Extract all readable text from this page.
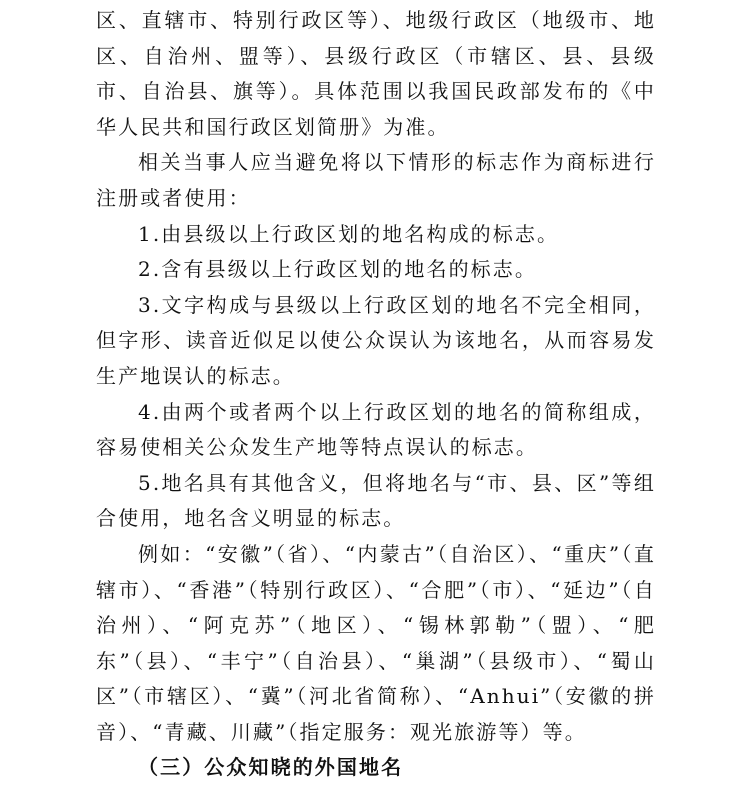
区、直辖市、特别行政区等）、地级行政区（地级市、地区、自治州、盟等）、县级行政区（市辖区、县、县级市、自治县、旗等）。具体范围以我国民政部发布的《中华人民共和国行政区划简册》为准。

相关当事人应当避免将以下情形的标志作为商标进行注册或者使用：

1.由县级以上行政区划的地名构成的标志。

2.含有县级以上行政区划的地名的标志。

3.文字构成与县级以上行政区划的地名不完全相同，但字形、读音近似足以使公众误认为该地名，从而容易发生产地误认的标志。

4.由两个或者两个以上行政区划的地名的简称组成，容易使相关公众发生产地等特点误认的标志。

5.地名具有其他含义，但将地名与“市、县、区”等组合使用，地名含义明显的标志。

例如：“安徽”（省）、“内蒙古”（自治区）、“重庆”（直辖市）、“香港”（特别行政区）、“合肥”（市）、“延边”（自治州）、“阿克苏”（地区）、“锡林郭勒”（盟）、“肥东”（县）、“丰宁”（自治县）、“巢湖”（县级市）、“蜀山区”（市辖区）、“冀”（河北省简称）、“Anhui”（安徽的拼音）、“青藏、川藏”（指定服务：观光旅游等）等。

（三）公众知晓的外国地名
